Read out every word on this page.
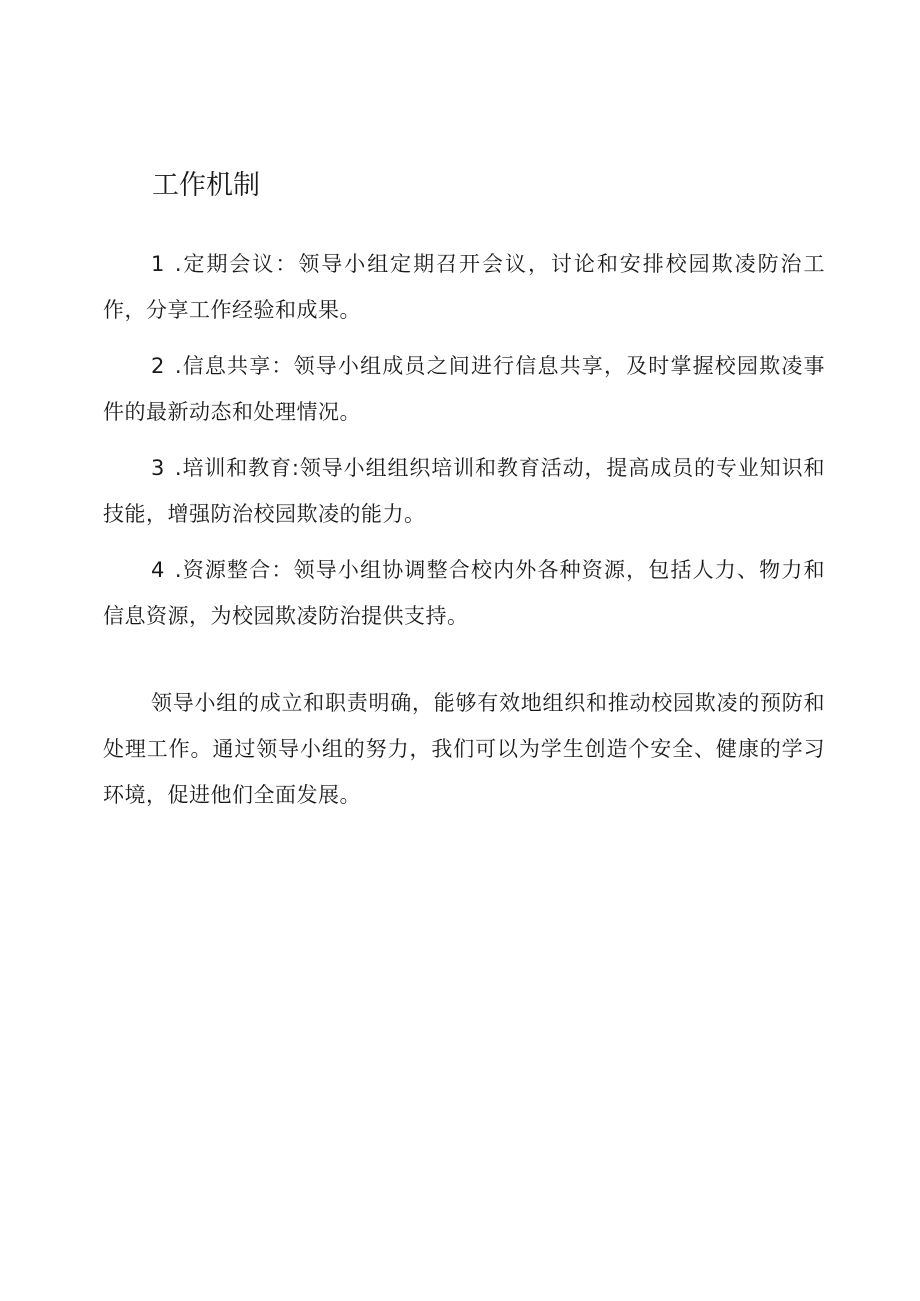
工作机制

1 .定期会议：领导小组定期召开会议，讨论和安排校园欺凌防治工作，分享工作经验和成果。

2 .信息共享：领导小组成员之间进行信息共享，及时掌握校园欺凌事件的最新动态和处理情况。

3 .培训和教育:领导小组组织培训和教育活动，提高成员的专业知识和技能，增强防治校园欺凌的能力。

4 .资源整合：领导小组协调整合校内外各种资源，包括人力、物力和信息资源，为校园欺凌防治提供支持。

领导小组的成立和职责明确，能够有效地组织和推动校园欺凌的预防和处理工作。通过领导小组的努力，我们可以为学生创造个安全、健康的学习环境，促进他们全面发展。
